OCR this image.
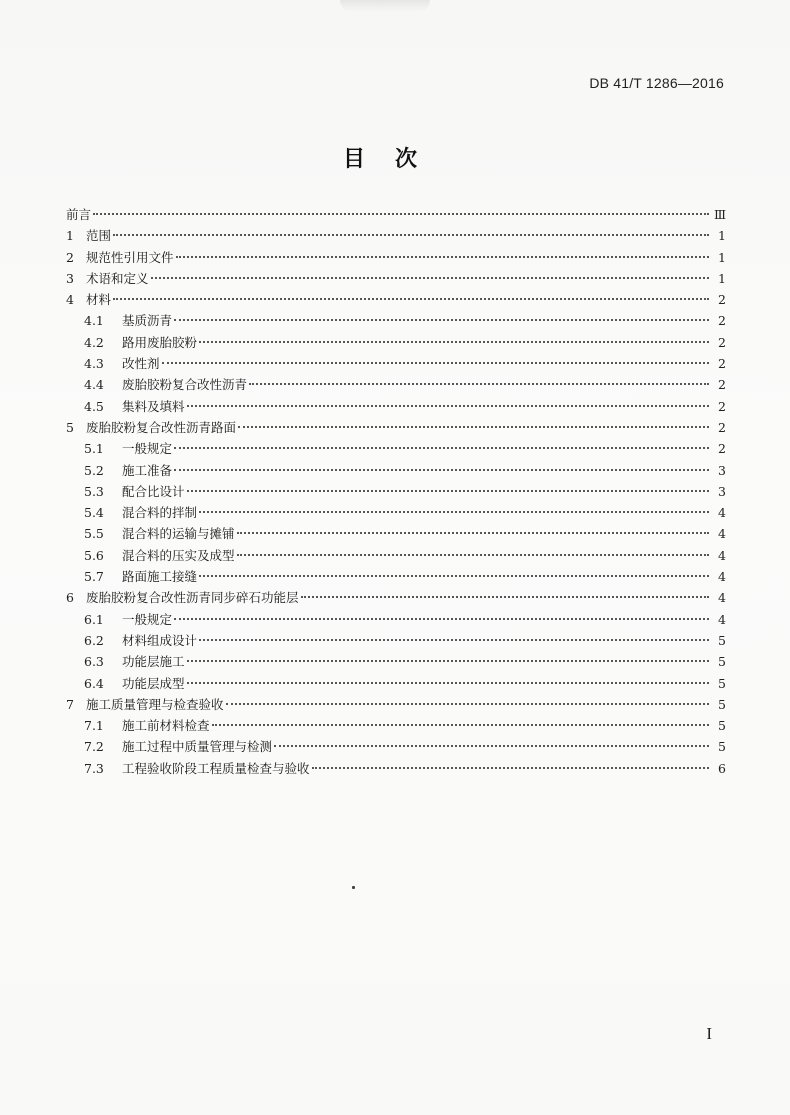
DB 41/T 1286—2016
目次
前言	Ⅲ
1 范围	1
2 规范性引用文件	1
3 术语和定义	1
4 材料	2
4.1	基质沥青	2
4.2	路用废胎胶粉	2
4.3	改性剂	2
4.4	废胎胶粉复合改性沥青	2
4.5	集料及填料	2
5 废胎胶粉复合改性沥青路面	2
5.1	一般规定	2
5.2	施工准备	3
5.3	配合比设计	3
5.4	混合料的拌制	4
5.5	混合料的运输与摊铺	4
5.6	混合料的压实及成型	4
5.7	路面施工接缝	4
6 废胎胶粉复合改性沥青同步碎石功能层	4
6.1	一般规定	4
6.2	材料组成设计	5
6.3	功能层施工	5
6.4	功能层成型	5
7 施工质量管理与检查验收	5
7.1	施工前材料检查	5
7.2	施工过程中质量管理与检测	5
7.3	工程验收阶段工程质量检查与验收	6
I
